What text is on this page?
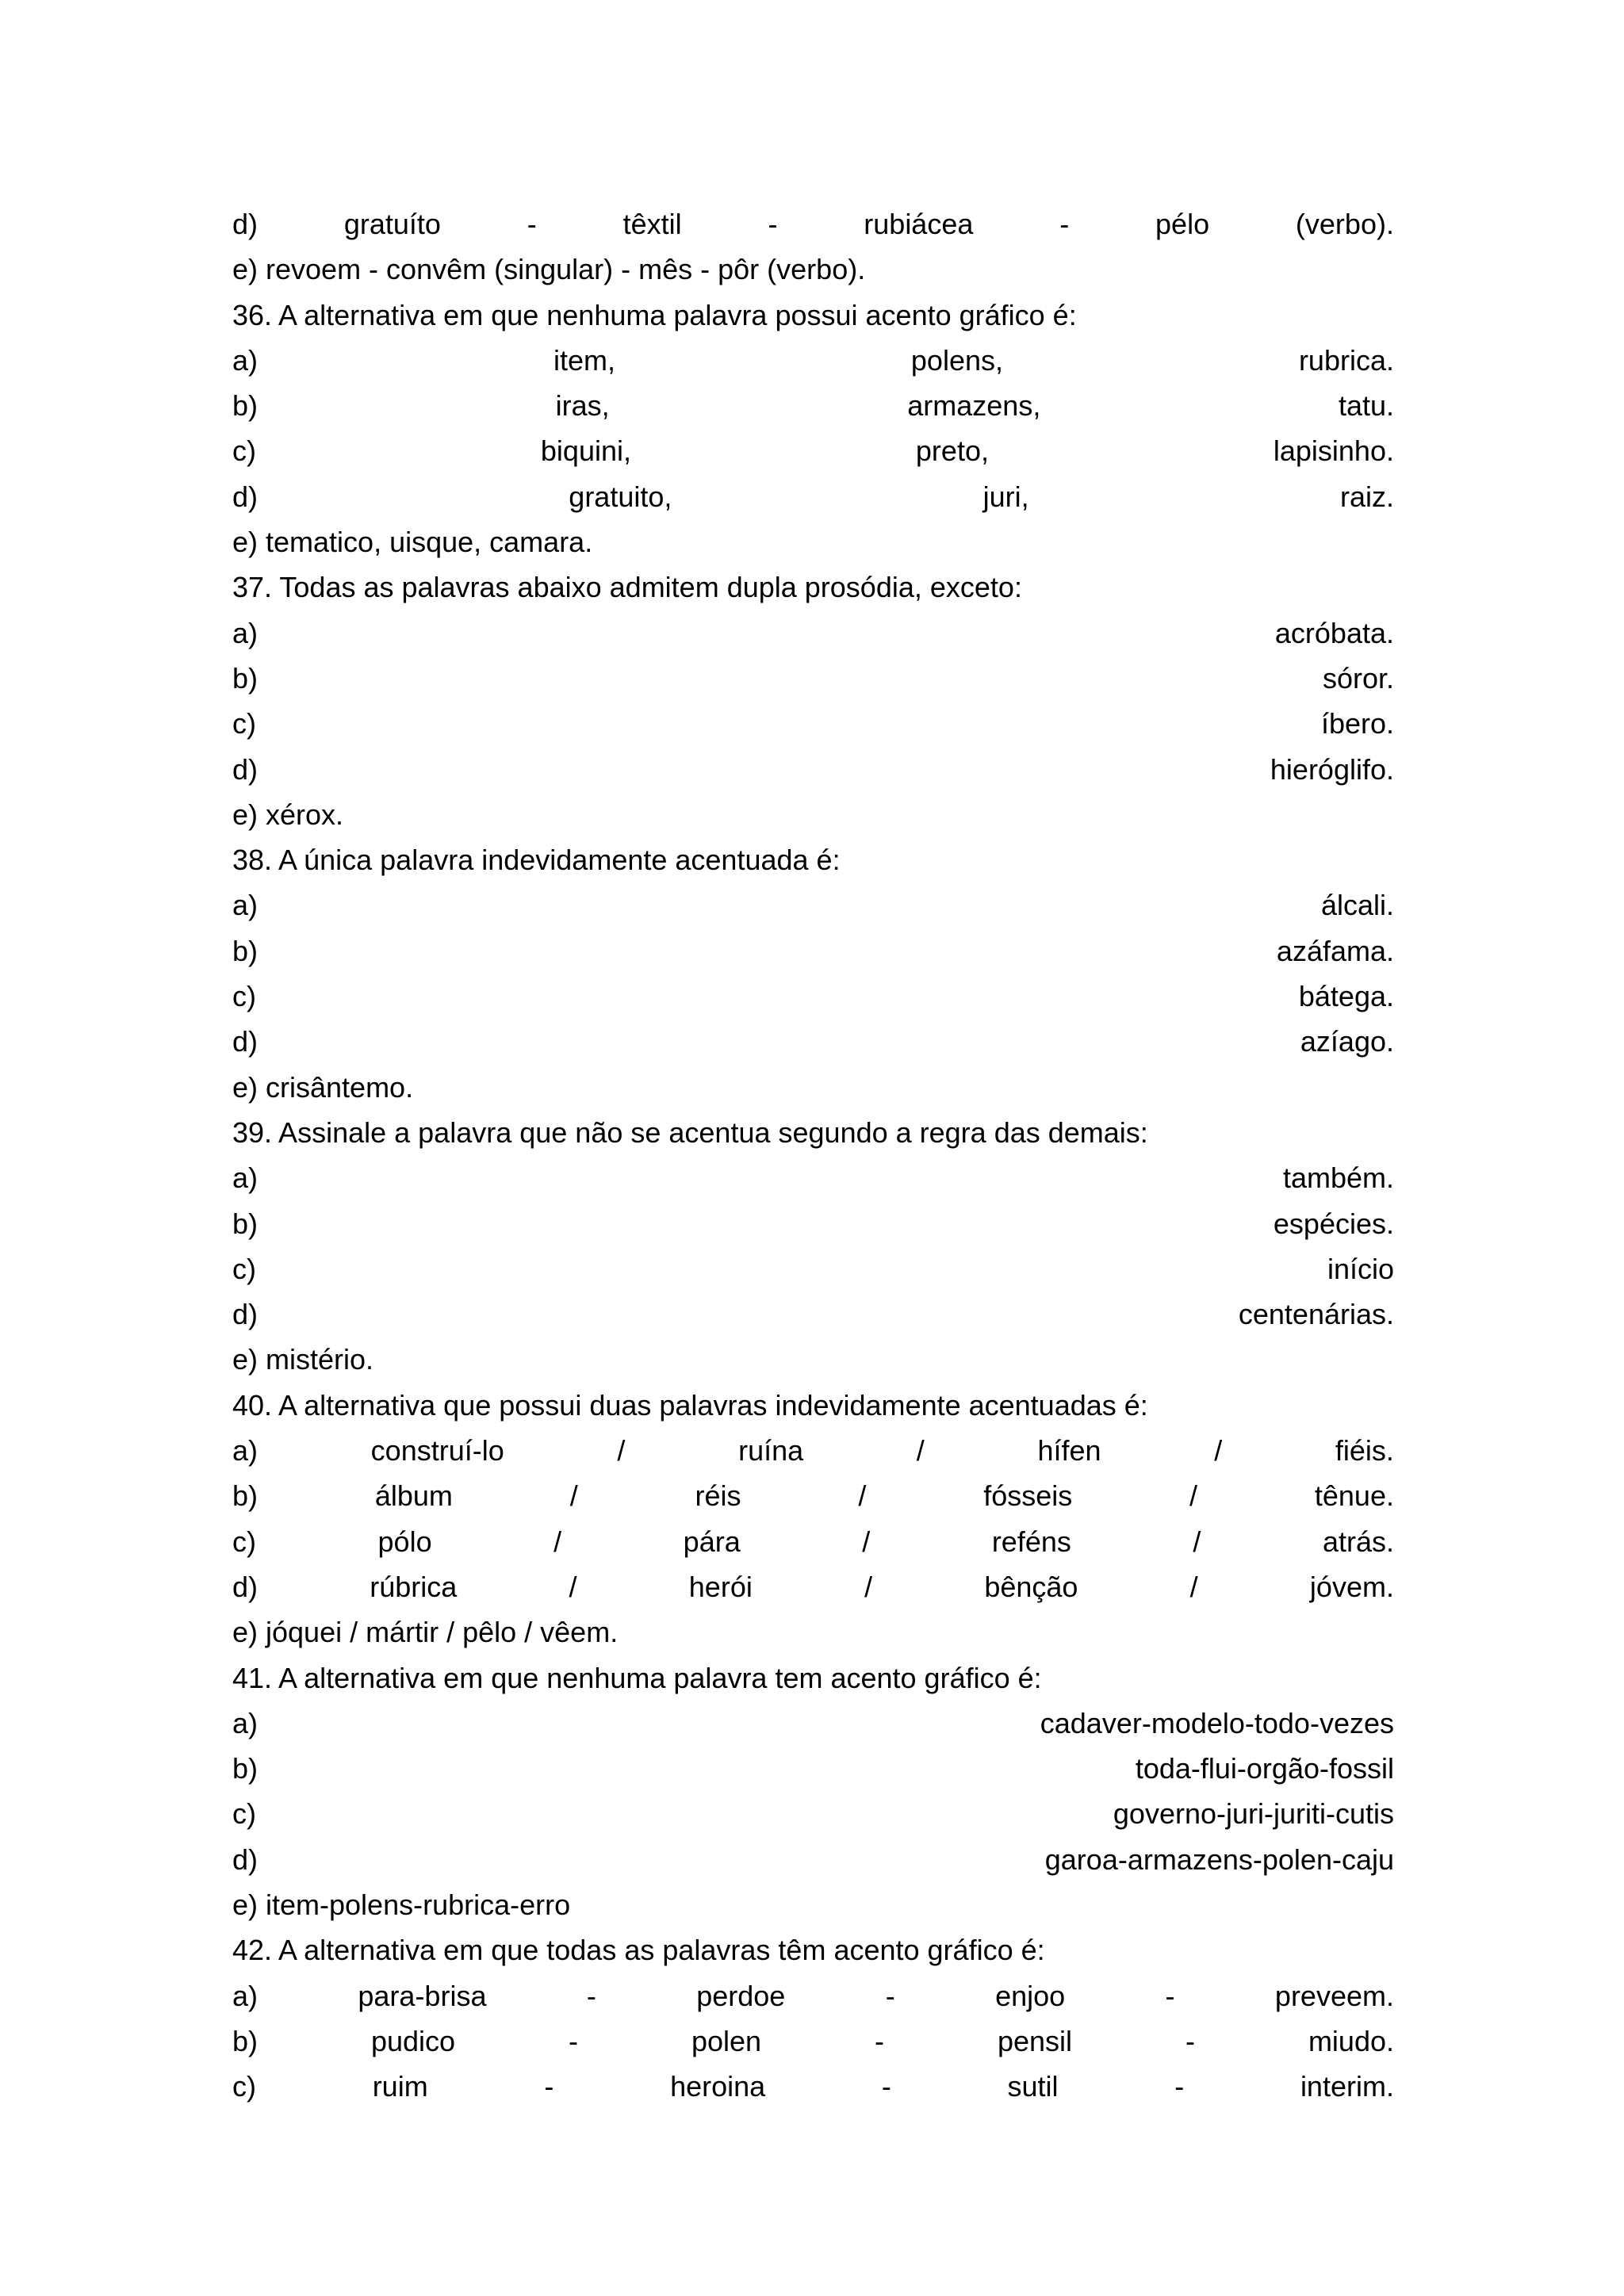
d)	gratuíto	-	têxtil	-	rubiácea	-	pélo	(verbo).
e) revoem - convêm (singular) - mês - pôr (verbo).
36. A alternativa em que nenhuma palavra possui acento gráfico é:
a)	item,	polens,	rubrica.
b)	iras,	armazens,	tatu.
c)	biquini,	preto,	lapisinho.
d)	gratuito,	juri,	raiz.
e) tematico, uisque, camara.
37. Todas as palavras abaixo admitem dupla prosódia, exceto:
a)	acróbata.
b)	sóror.
c)	íbero.
d)	hieróglifo.
e) xérox.
38. A única palavra indevidamente acentuada é:
a)	álcali.
b)	azáfama.
c)	bátega.
d)	azíago.
e) crisântemo.
39. Assinale a palavra que não se acentua segundo a regra das demais:
a)	também.
b)	espécies.
c)	início
d)	centenárias.
e) mistério.
40. A alternativa que possui duas palavras indevidamente acentuadas é:
a)	construí-lo	/	ruína	/	hífen	/	fiéis.
b)	álbum	/	réis	/	fósseis	/	tênue.
c)	pólo	/	pára	/	reféns	/	atrás.
d)	rúbrica	/	herói	/	bênção	/	jóvem.
e) jóquei / mártir / pêlo / vêem.
41. A alternativa em que nenhuma palavra tem acento gráfico é:
a)	cadaver-modelo-todo-vezes
b)	toda-flui-orgão-fossil
c)	governo-juri-juriti-cutis
d)	garoa-armazens-polen-caju
e) item-polens-rubrica-erro
42. A alternativa em que todas as palavras têm acento gráfico é:
a)	para-brisa	-	perdoe	-	enjoo	-	preveem.
b)	pudico	-	polen	-	pensil	-	miudo.
c)	ruim	-	heroina	-	sutil	-	interim.
